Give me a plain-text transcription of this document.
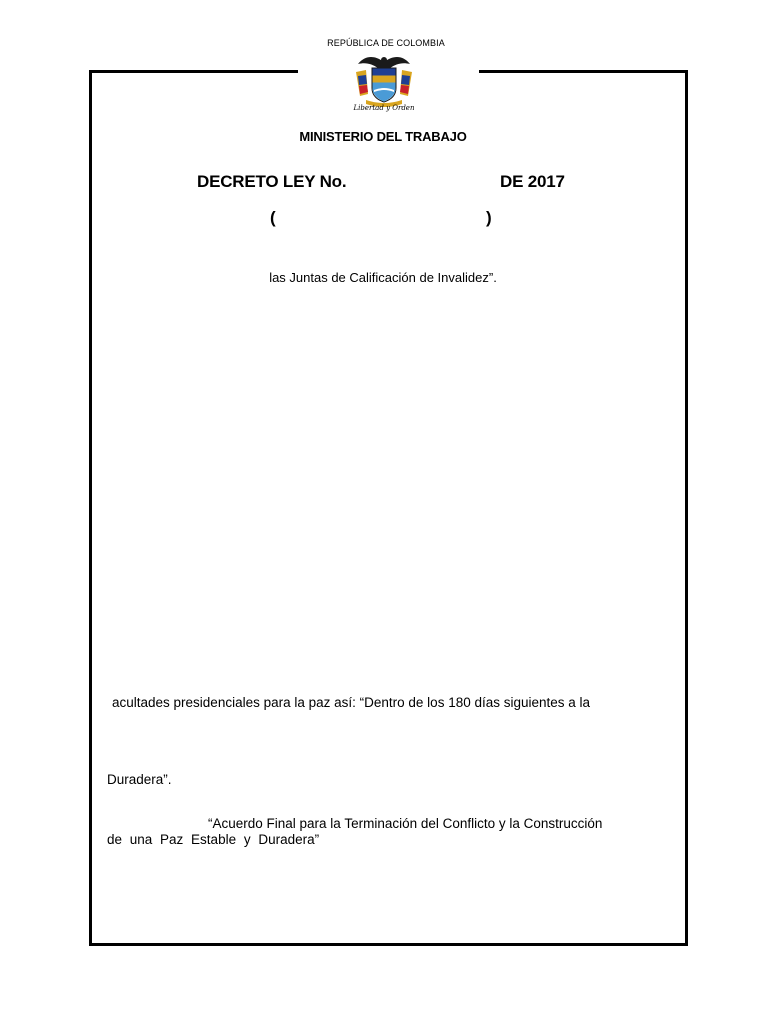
REPÚBLICA DE COLOMBIA
Libertad y Orden
MINISTERIO DEL TRABAJO
DECRETO LEY No.	DE 2017
(	)
las Juntas de Calificación de Invalidez”.
acultades presidenciales para la paz así: “Dentro de los 180 días siguientes a la
Duradera”.
“Acuerdo Final para la Terminación del Conflicto y la Construcción
de una Paz Estable y Duradera”
